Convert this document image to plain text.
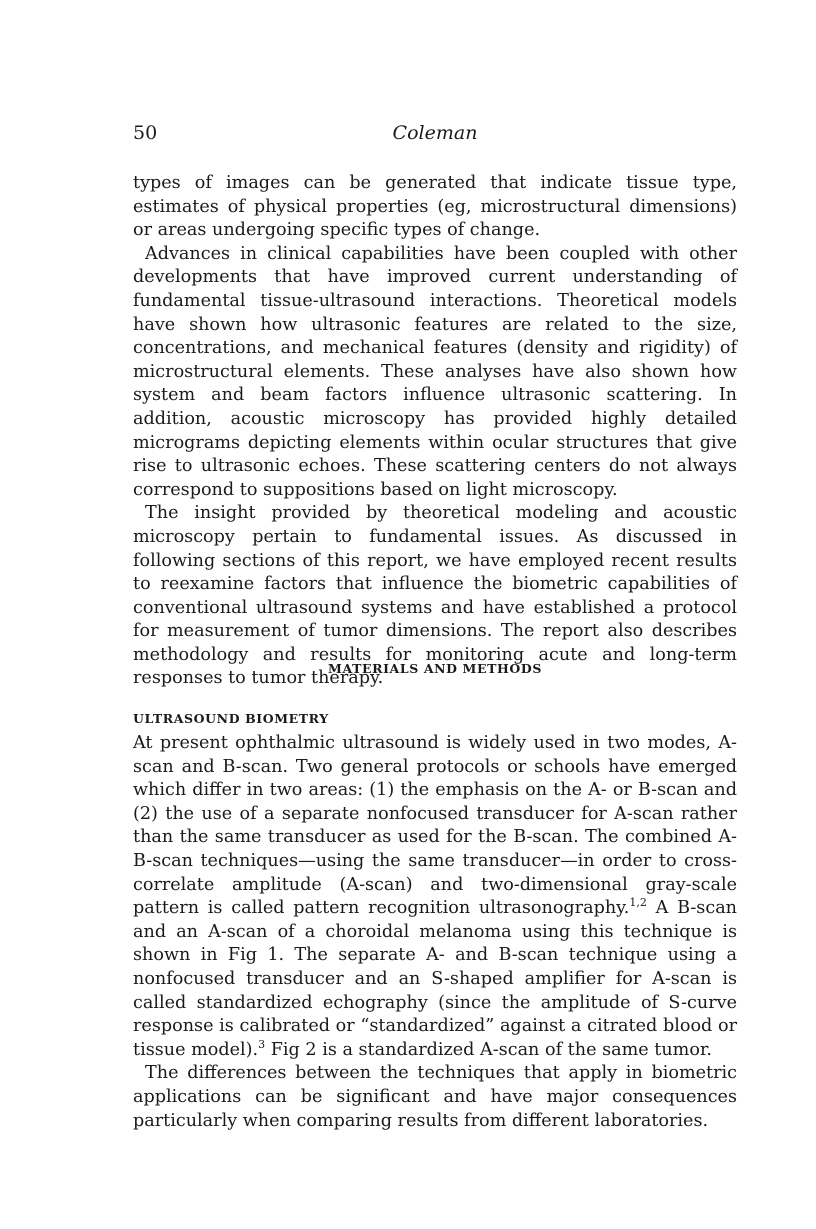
50	Coleman

types of images can be generated that indicate tissue type, estimates of physical properties (eg, microstructural dimensions) or areas undergoing specific types of change.

Advances in clinical capabilities have been coupled with other developments that have improved current understanding of fundamental tissue-ultrasound interactions. Theoretical models have shown how ultrasonic features are related to the size, concentrations, and mechanical features (density and rigidity) of microstructural elements. These analyses have also shown how system and beam factors influence ultrasonic scattering. In addition, acoustic microscopy has provided highly detailed micrograms depicting elements within ocular structures that give rise to ultrasonic echoes. These scattering centers do not always correspond to suppositions based on light microscopy.

The insight provided by theoretical modeling and acoustic microscopy pertain to fundamental issues. As discussed in following sections of this report, we have employed recent results to reexamine factors that influence the biometric capabilities of conventional ultrasound systems and have established a protocol for measurement of tumor dimensions. The report also describes methodology and results for monitoring acute and long-term responses to tumor therapy.

MATERIALS AND METHODS
ULTRASOUND BIOMETRY

At present ophthalmic ultrasound is widely used in two modes, A-scan and B-scan. Two general protocols or schools have emerged which differ in two areas: (1) the emphasis on the A- or B-scan and (2) the use of a separate nonfocused transducer for A-scan rather than the same transducer as used for the B-scan. The combined A-B-scan techniques—using the same transducer—in order to cross-correlate amplitude (A-scan) and two-dimensional gray-scale pattern is called pattern recognition ultrasonography.$^{1,2}$ A B-scan and an A-scan of a choroidal melanoma using this technique is shown in Fig 1. The separate A- and B-scan technique using a nonfocused transducer and an S-shaped amplifier for A-scan is called standardized echography (since the amplitude of S-curve response is calibrated or “standardized” against a citrated blood or tissue model).$^3$ Fig 2 is a standardized A-scan of the same tumor.

The differences between the techniques that apply in biometric applications can be significant and have major consequences particularly when comparing results from different laboratories.
